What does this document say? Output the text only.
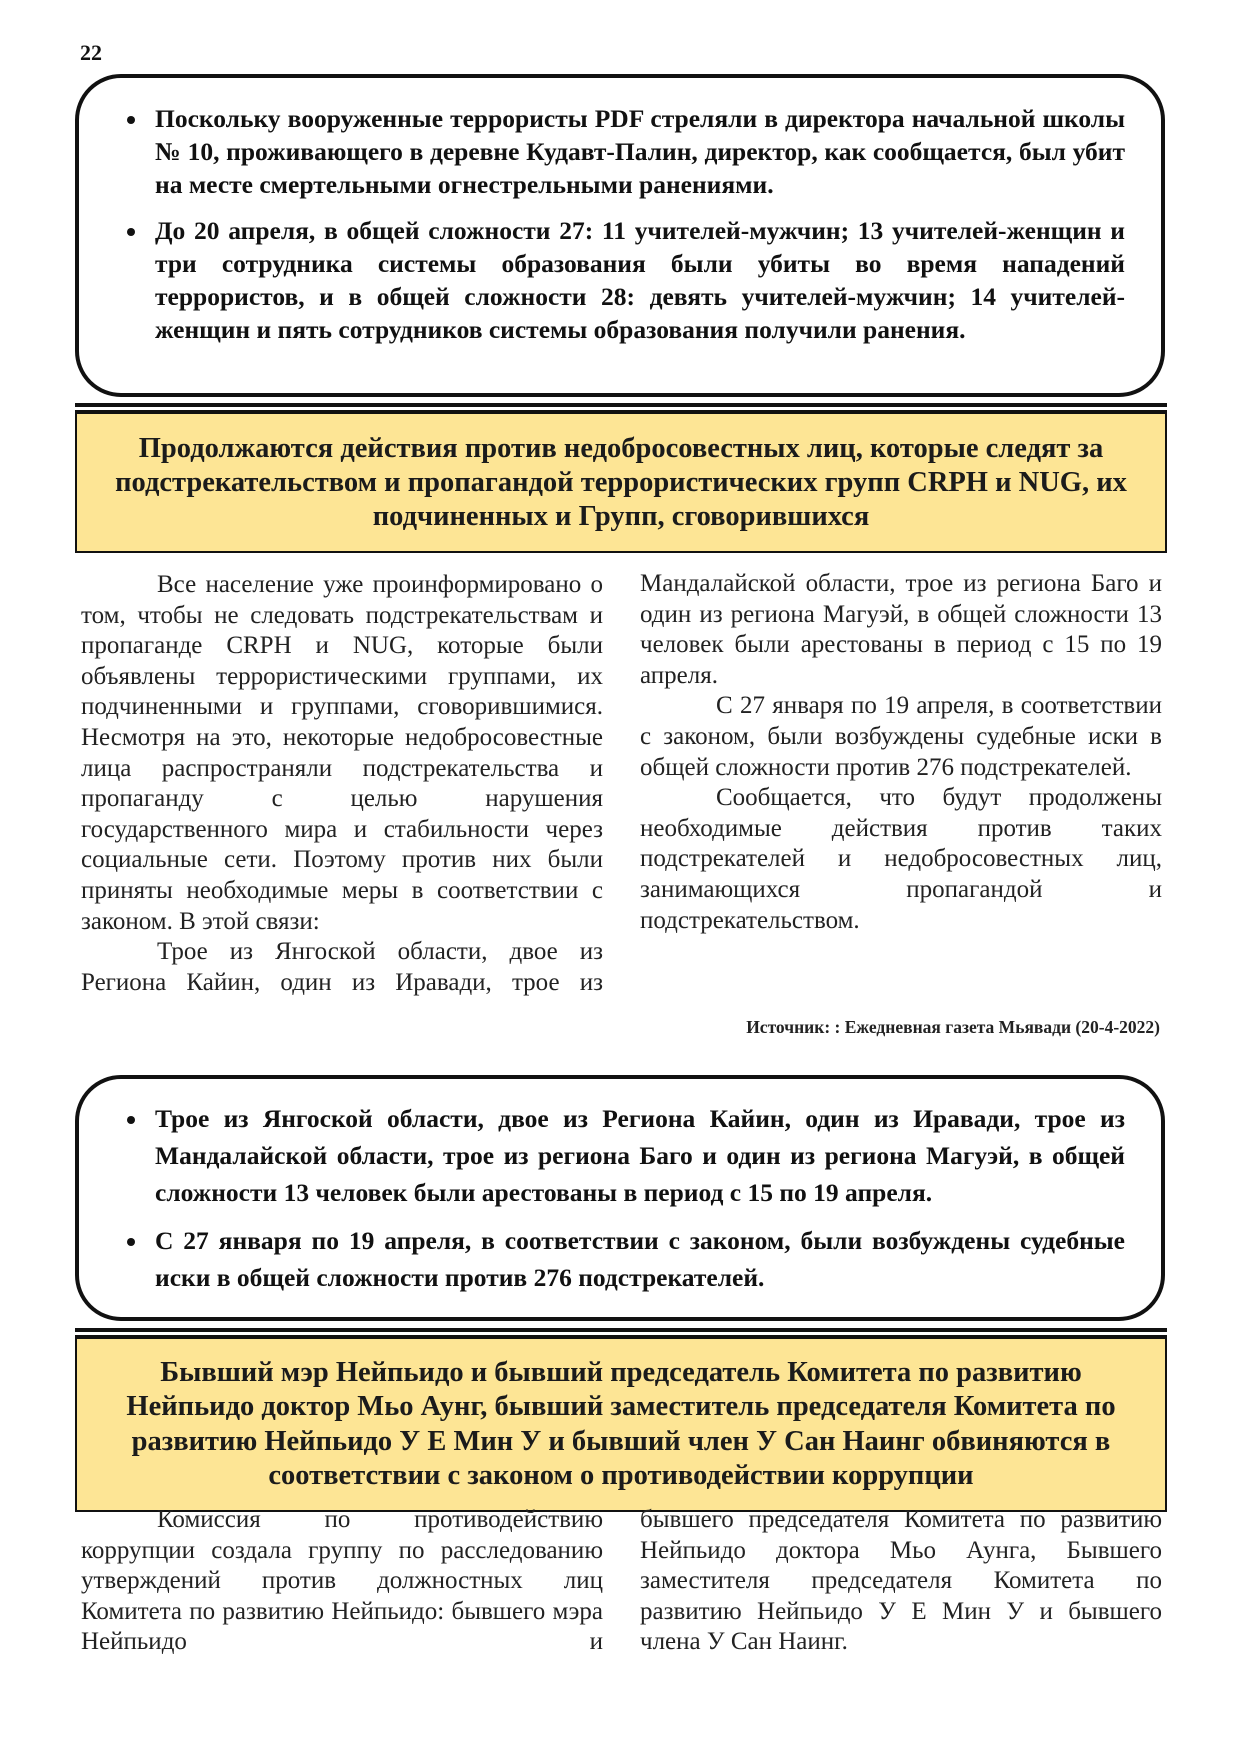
22
• Поскольку вооруженные террористы PDF стреляли в директора начальной школы № 10, проживающего в деревне Кудавт-Палин, директор, как сообщается, был убит на месте смертельными огнестрельными ранениями.
• До 20 апреля, в общей сложности 27: 11 учителей-мужчин; 13 учителей-женщин и три сотрудника системы образования были убиты во время нападений террористов, и в общей сложности 28: девять учителей-мужчин; 14 учителей-женщин и пять сотрудников системы образования получили ранения.
Продолжаются действия против недобросовестных лиц, которые следят за подстрекательством и пропагандой террористических групп CRPH и NUG, их подчиненных и Групп, сговорившихся

Все население уже проинформировано о том, чтобы не следовать подстрекательствам и пропаганде CRPH и NUG, которые были объявлены террористическими группами, их подчиненными и группами, сговорившимися. Несмотря на это, некоторые недобросовестные лица распространяли подстрекательства и пропаганду с целью нарушения государственного мира и стабильности через социальные сети. Поэтому против них были приняты необходимые меры в соответствии с законом. В этой связи:

Трое из Янгоской области, двое из Региона Кайин, один из Иравади, трое из

Мандалайской области, трое из региона Баго и один из региона Магуэй, в общей сложности 13 человек были арестованы в период с 15 по 19 апреля.

С 27 января по 19 апреля, в соответствии с законом, были возбуждены судебные иски в общей сложности против 276 подстрекателей.

Сообщается, что будут продолжены необходимые действия против таких подстрекателей и недобросовестных лиц, занимающихся пропагандой и подстрекательством.

Источник: : Ежедневная газета Мьявади (20-4-2022)
• Трое из Янгоской области, двое из Региона Кайин, один из Иравади, трое из Мандалайской области, трое из региона Баго и один из региона Магуэй, в общей сложности 13 человек были арестованы в период с 15 по 19 апреля.
• С 27 января по 19 апреля, в соответствии с законом, были возбуждены судебные иски в общей сложности против 276 подстрекателей.
Бывший мэр Нейпьидо и бывший председатель Комитета по развитию Нейпьидо доктор Мьо Аунг, бывший заместитель председателя Комитета по развитию Нейпьидо У Е Мин У и бывший член У Сан Наинг обвиняются в соответствии с законом о противодействии коррупции

Комиссия по противодействию коррупции создала группу по расследованию утверждений против должностных лиц Комитета по развитию Нейпьидо: бывшего мэра Нейпьидо и

бывшего председателя Комитета по развитию Нейпьидо доктора Мьо Аунга, Бывшего заместителя председателя Комитета по развитию Нейпьидо У Е Мин У и бывшего члена У Сан Наинг.
